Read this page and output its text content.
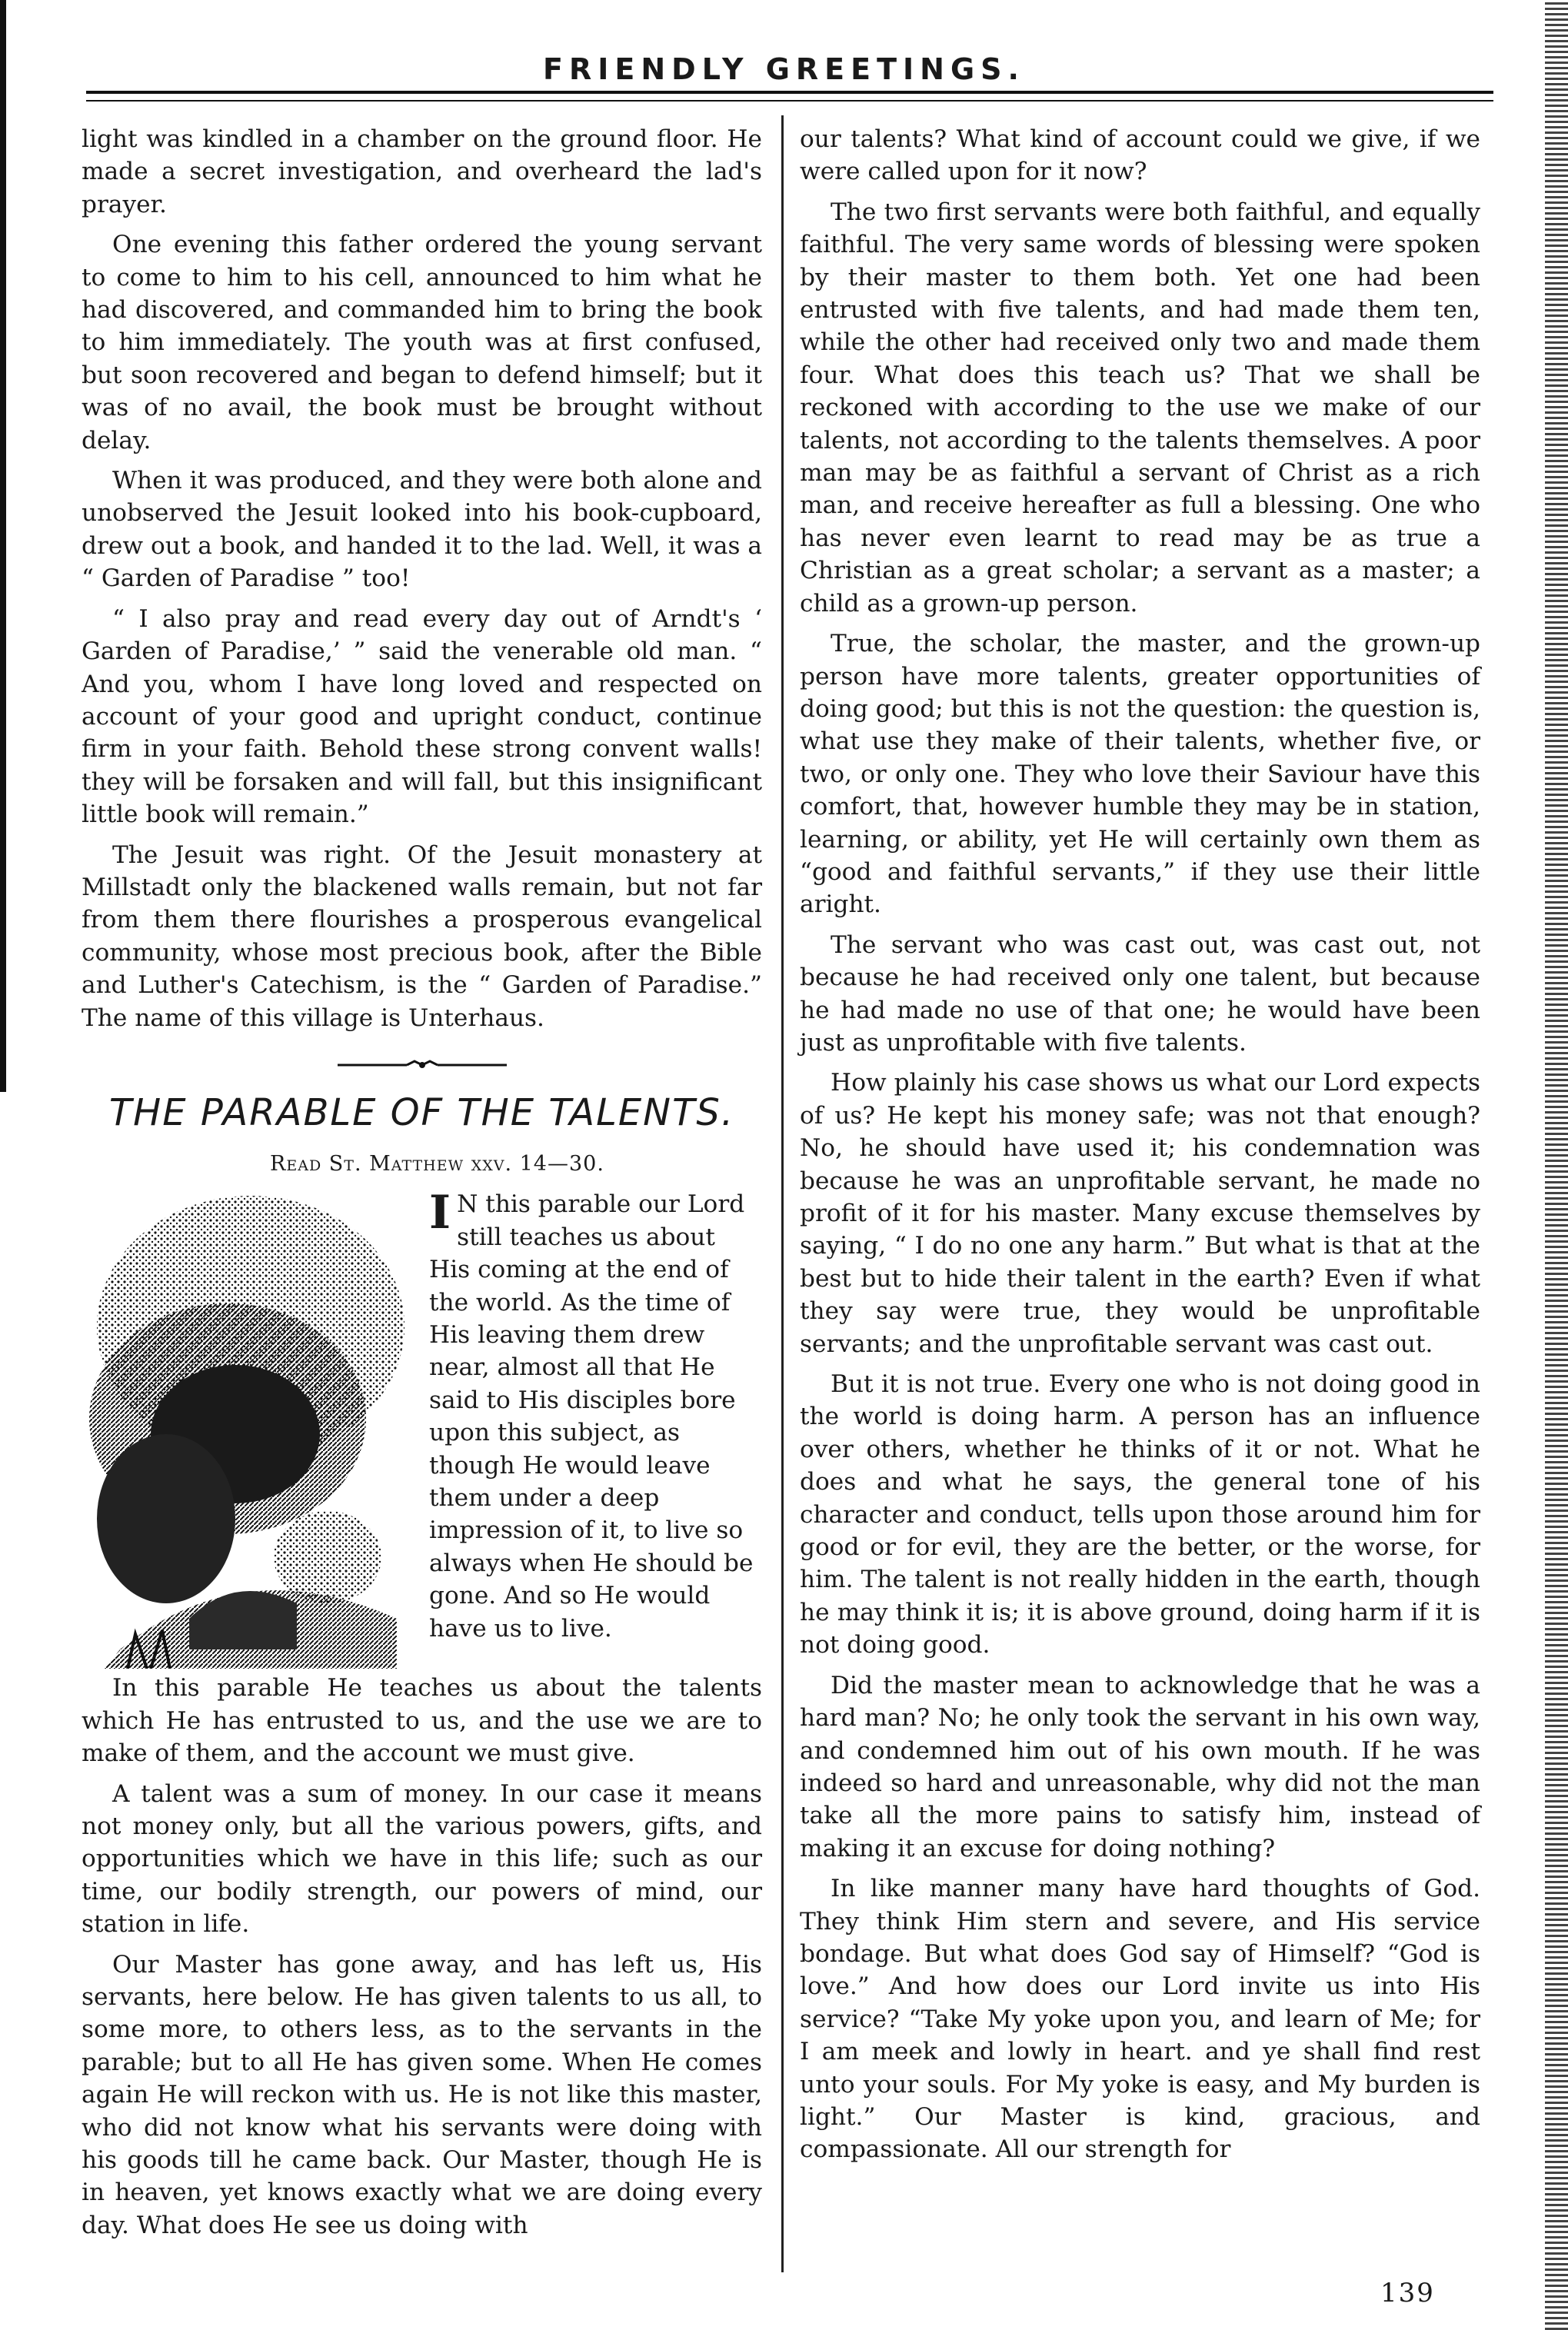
FRIENDLY GREETINGS.

light was kindled in a chamber on the ground floor. He made a secret investigation, and overheard the lad's prayer.

One evening this father ordered the young servant to come to him to his cell, announced to him what he had discovered, and commanded him to bring the book to him immediately. The youth was at first confused, but soon recovered and began to defend himself; but it was of no avail, the book must be brought without delay.

When it was produced, and they were both alone and unobserved the Jesuit looked into his book-cupboard, drew out a book, and handed it to the lad. Well, it was a “ Garden of Paradise ” too!

“ I also pray and read every day out of Arndt's ‘ Garden of Paradise,’ ” said the venerable old man. “ And you, whom I have long loved and respected on account of your good and upright conduct, continue firm in your faith. Behold these strong convent walls! they will be forsaken and will fall, but this insignificant little book will remain.”

The Jesuit was right. Of the Jesuit monastery at Millstadt only the blackened walls remain, but not far from them there flourishes a prosperous evangelical community, whose most precious book, after the Bible and Luther's Catechism, is the “ Garden of Paradise.” The name of this village is Unterhaus.

THE PARABLE OF THE TALENTS.

Read St. Matthew xxv. 14—30.

I N this parable our Lord still teaches us about His coming at the end of the world. As the time of His leaving them drew near, almost all that He said to His disciples bore upon this subject, as though He would leave them under a deep impression of it, to live so always when He should be gone. And so He would have us to live.

In this parable He teaches us about the talents which He has entrusted to us, and the use we are to make of them, and the account we must give.

A talent was a sum of money. In our case it means not money only, but all the various powers, gifts, and opportunities which we have in this life; such as our time, our bodily strength, our powers of mind, our station in life.

Our Master has gone away, and has left us, His servants, here below. He has given talents to us all, to some more, to others less, as to the servants in the parable; but to all He has given some. When He comes again He will reckon with us. He is not like this master, who did not know what his servants were doing with his goods till he came back. Our Master, though He is in heaven, yet knows exactly what we are doing every day. What does He see us doing with

our talents? What kind of account could we give, if we were called upon for it now?

The two first servants were both faithful, and equally faithful. The very same words of blessing were spoken by their master to them both. Yet one had been entrusted with five talents, and had made them ten, while the other had received only two and made them four. What does this teach us? That we shall be reckoned with according to the use we make of our talents, not according to the talents themselves. A poor man may be as faithful a servant of Christ as a rich man, and receive hereafter as full a blessing. One who has never even learnt to read may be as true a Christian as a great scholar; a servant as a master; a child as a grown-up person.

True, the scholar, the master, and the grown-up person have more talents, greater opportunities of doing good; but this is not the question: the question is, what use they make of their talents, whether five, or two, or only one. They who love their Saviour have this comfort, that, however humble they may be in station, learning, or ability, yet He will certainly own them as “good and faithful servants,” if they use their little aright.

The servant who was cast out, was cast out, not because he had received only one talent, but because he had made no use of that one; he would have been just as unprofitable with five talents.

How plainly his case shows us what our Lord expects of us? He kept his money safe; was not that enough? No, he should have used it; his condemnation was because he was an unprofitable servant, he made no profit of it for his master. Many excuse themselves by saying, “ I do no one any harm.” But what is that at the best but to hide their talent in the earth? Even if what they say were true, they would be unprofitable servants; and the unprofitable servant was cast out.

But it is not true. Every one who is not doing good in the world is doing harm. A person has an influence over others, whether he thinks of it or not. What he does and what he says, the general tone of his character and conduct, tells upon those around him for good or for evil, they are the better, or the worse, for him. The talent is not really hidden in the earth, though he may think it is; it is above ground, doing harm if it is not doing good.

Did the master mean to acknowledge that he was a hard man? No; he only took the servant in his own way, and condemned him out of his own mouth. If he was indeed so hard and unreasonable, why did not the man take all the more pains to satisfy him, instead of making it an excuse for doing nothing?

In like manner many have hard thoughts of God. They think Him stern and severe, and His service bondage. But what does God say of Himself? “God is love.” And how does our Lord invite us into His service? “Take My yoke upon you, and learn of Me; for I am meek and lowly in heart. and ye shall find rest unto your souls. For My yoke is easy, and My burden is light.” Our Master is kind, gracious, and compassionate. All our strength for

139
